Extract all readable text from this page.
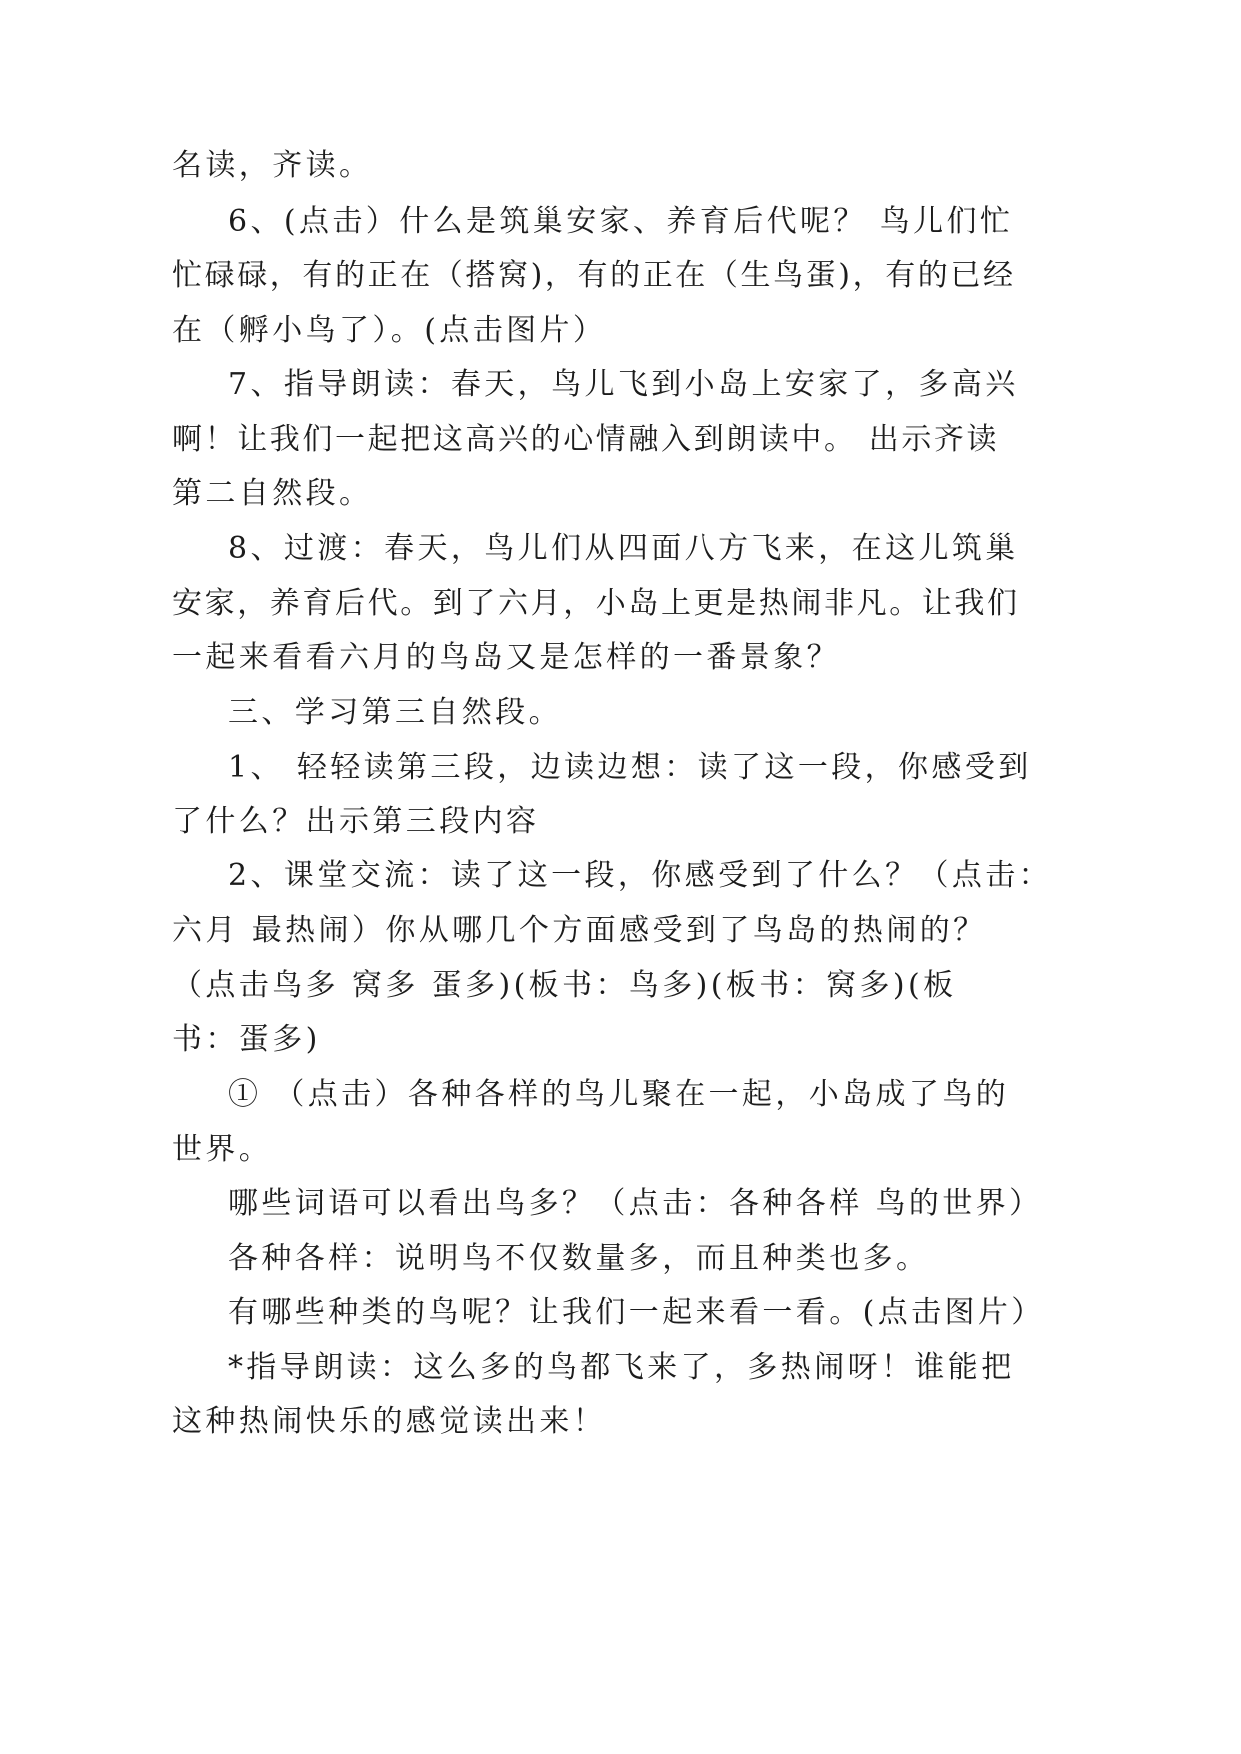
名读，齐读。

6、(点击）什么是筑巢安家、养育后代呢？ 鸟儿们忙

忙碌碌，有的正在（搭窝)，有的正在（生鸟蛋)，有的已经

在（孵小鸟了）。(点击图片）

7、指导朗读：春天，鸟儿飞到小岛上安家了，多高兴

啊！让我们一起把这高兴的心情融入到朗读中。 出示齐读

第二自然段。

8、过渡：春天，鸟儿们从四面八方飞来，在这儿筑巢

安家，养育后代。到了六月，小岛上更是热闹非凡。让我们

一起来看看六月的鸟岛又是怎样的一番景象？

三、学习第三自然段。

1、 轻轻读第三段，边读边想：读了这一段，你感受到

了什么？出示第三段内容

2、课堂交流：读了这一段，你感受到了什么？（点击：

六月 最热闹）你从哪几个方面感受到了鸟岛的热闹的？

（点击鸟多 窝多 蛋多)(板书：鸟多)(板书：窝多)(板

书：蛋多)

① （点击）各种各样的鸟儿聚在一起，小岛成了鸟的

世界。

哪些词语可以看出鸟多？（点击：各种各样 鸟的世界）

各种各样：说明鸟不仅数量多，而且种类也多。

有哪些种类的鸟呢？让我们一起来看一看。(点击图片）

*指导朗读：这么多的鸟都飞来了，多热闹呀！谁能把

这种热闹快乐的感觉读出来！
